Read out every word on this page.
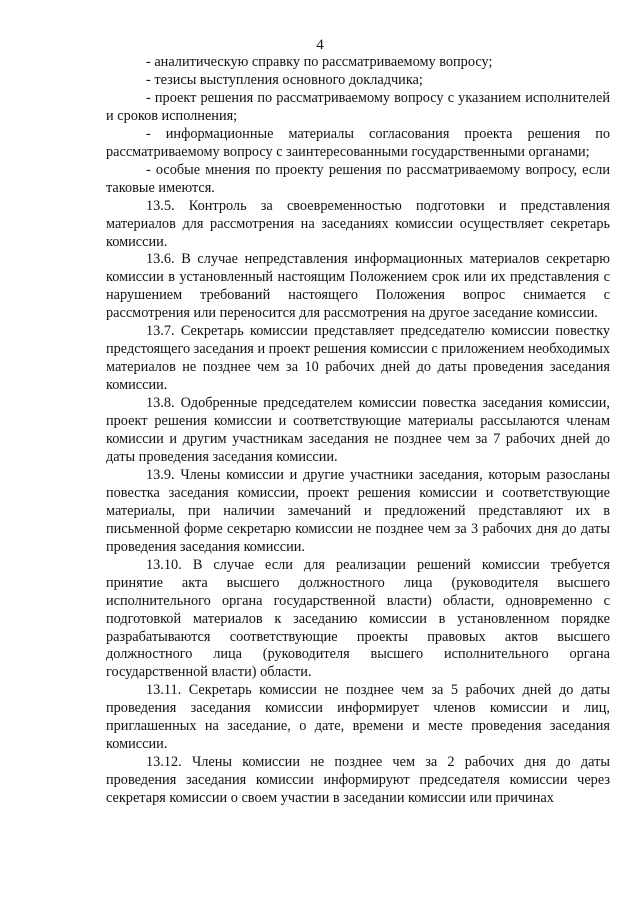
4

- аналитическую справку по рассматриваемому вопросу;

- тезисы выступления основного докладчика;

- проект решения по рассматриваемому вопросу с указанием исполнителей и сроков исполнения;

- информационные материалы согласования проекта решения по рассматриваемому вопросу с заинтересованными государственными органами;

- особые мнения по проекту решения по рассматриваемому вопросу, если таковые имеются.

13.5. Контроль за своевременностью подготовки и представления материалов для рассмотрения на заседаниях комиссии осуществляет секретарь комиссии.

13.6. В случае непредставления информационных материалов секретарю комиссии в установленный настоящим Положением срок или их представления с нарушением требований настоящего Положения вопрос снимается с рассмотрения или переносится для рассмотрения на другое заседание комиссии.

13.7. Секретарь комиссии представляет председателю комиссии повестку предстоящего заседания и проект решения комиссии с приложением необходимых материалов не позднее чем за 10 рабочих дней до даты проведения заседания комиссии.

13.8. Одобренные председателем комиссии повестка заседания комиссии, проект решения комиссии и соответствующие материалы рассылаются членам комиссии и другим участникам заседания не позднее чем за 7 рабочих дней до даты проведения заседания комиссии.

13.9. Члены комиссии и другие участники заседания, которым разосланы повестка заседания комиссии, проект решения комиссии и соответствующие материалы, при наличии замечаний и предложений представляют их в письменной форме секретарю комиссии не позднее чем за 3 рабочих дня до даты проведения заседания комиссии.

13.10. В случае если для реализации решений комиссии требуется принятие акта высшего должностного лица (руководителя высшего исполнительного органа государственной власти) области, одновременно с подготовкой материалов к заседанию комиссии в установленном порядке разрабатываются соответствующие проекты правовых актов высшего должностного лица (руководителя высшего исполнительного органа государственной власти) области.

13.11. Секретарь комиссии не позднее чем за 5 рабочих дней до даты проведения заседания комиссии информирует членов комиссии и лиц, приглашенных на заседание, о дате, времени и месте проведения заседания комиссии.

13.12. Члены комиссии не позднее чем за 2 рабочих дня до даты проведения заседания комиссии информируют председателя комиссии через секретаря комиссии о своем участии в заседании комиссии или причинах
